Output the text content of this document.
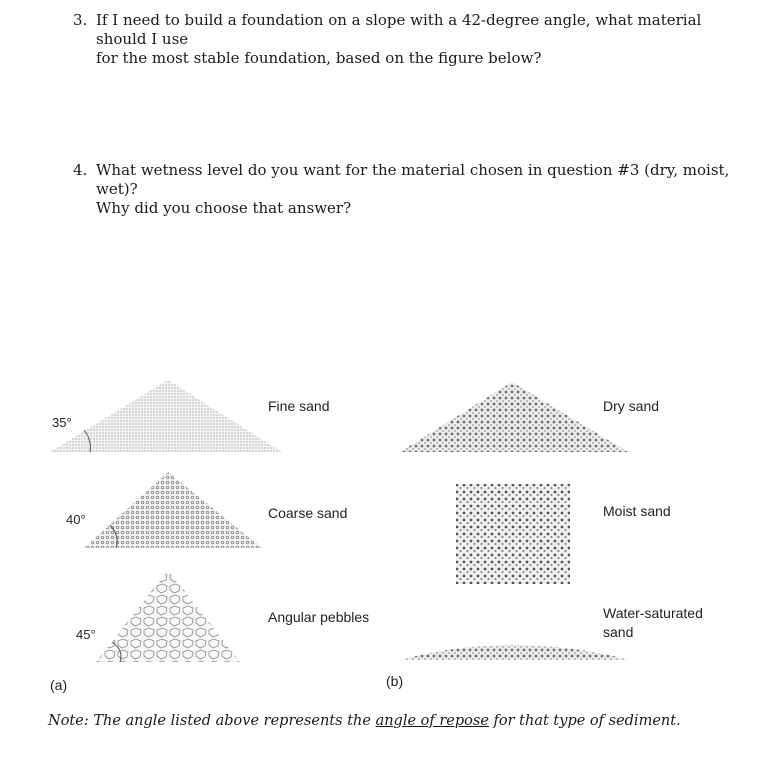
3. If I need to build a foundation on a slope with a 42-degree angle, what material should I use
for the most stable foundation, based on the figure below?
4. What wetness level do you want for the material chosen in question #3 (dry, moist, wet)?
Why did you choose that answer?
35°
40°
45°
Fine sand
Coarse sand
Angular pebbles
Dry sand
Moist sand
Water-saturated
sand
(a)	(b)
Note: The angle listed above represents the angle of repose for that type of sediment.
